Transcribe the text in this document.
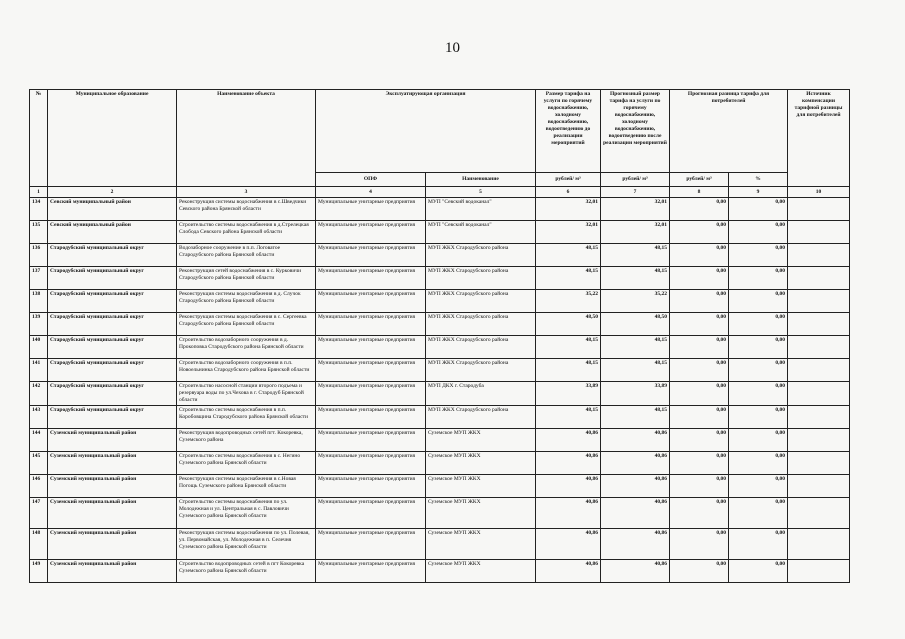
10
№	Муниципальное образование	Наименование объекта	Эксплуатирующая организация		Размер тарифа на услуги по горячему водоснабжению, холодному водоснабжению, водоотведению до реализации мероприятий	Прогнозный размер тарифа на услуги по горячему водоснабжению, холодному водоснабжению, водоотведению после реализации мероприятий	Прогнозная разница тарифа для потребителей		Источник компенсации тарифной разницы для потребителей
			ОПФ	Наименование	рублей/ м³	рублей/ м³	рублей/ м³	%	
1	2	3	4	5	6	7	8	9	10
134	Севский муниципальный район	Реконструкция системы водоснабжения в с.Шведчики Севского района Брянской области	Муниципальные унитарные предприятия	МУП "Севский водоканал"	32,01	32,01	0,00	0,00	
135	Севский муниципальный район	Строительство системы водоснабжения в д.Стрелецкая Слобода Севского района Брянской области	Муниципальные унитарные предприятия	МУП "Севский водоканал"	32,01	32,01	0,00	0,00	
136	Стародубский муниципальный округ	Водозаборное сооружение в п.п. Логоватое Стародубского района Брянской области	Муниципальные унитарные предприятия	МУП ЖКХ Стародубского района	48,15	48,15	0,00	0,00	
137	Стародубский муниципальный округ	Реконструкция сетей водоснабжения в с. Курковичи Стародубского района Брянской области	Муниципальные унитарные предприятия	МУП ЖКХ Стародубского района	48,15	48,15	0,00	0,00	
138	Стародубский муниципальный округ	Реконструкция системы водоснабжения в д. Случок Стародубского района Брянской области	Муниципальные унитарные предприятия	МУП ЖКХ Стародубского района	35,22	35,22	0,00	0,00	
139	Стародубский муниципальный округ	Реконструкция системы водоснабжения в с. Сергеевка Стародубского района Брянской области	Муниципальные унитарные предприятия	МУП ЖКХ Стародубского района	48,50	48,50	0,00	0,00	
140	Стародубский муниципальный округ	Строительство водозаборного сооружения в д. Прокоповка Стародубского района Брянской области	Муниципальные унитарные предприятия	МУП ЖКХ Стародубского района	48,15	48,15	0,00	0,00	
141	Стародубский муниципальный округ	Строительство водозаборного сооружения в п.п. Новоельнинка Стародубского района Брянской области	Муниципальные унитарные предприятия	МУП ЖКХ Стародубского района	48,15	48,15	0,00	0,00	
142	Стародубский муниципальный округ	Строительство насосной станции второго подъема и резервуара воды по ул.Чехова в г. Стародуб Брянской области	Муниципальные унитарные предприятия	МУП ДКХ г. Стародуба	33,89	33,89	0,00	0,00	
143	Стародубский муниципальный округ	Строительство системы водоснабжения в п.п. Коробовщина Стародубского района Брянской области	Муниципальные унитарные предприятия	МУП ЖКХ Стародубского района	48,15	48,15	0,00	0,00	
144	Суземский муниципальный район	Реконструкция водопроводных сетей пгт. Кокоревка, Суземского района	Муниципальные унитарные предприятия	Суземское МУП ЖКХ	40,86	40,86	0,00	0,00	
145	Суземский муниципальный район	Строительство системы водоснабжения в с. Негино Суземского района Брянской области	Муниципальные унитарные предприятия	Суземское МУП ЖКХ	40,86	40,86	0,00	0,00	
146	Суземский муниципальный район	Реконструкция системы водоснабжения в с.Новая Погощь Суземского района Брянской области	Муниципальные унитарные предприятия	Суземское МУП ЖКХ	40,86	40,86	0,00	0,00	
147	Суземский муниципальный район	Строительство системы водоснабжения по ул. Молодежная и ул. Центральная в с. Павловичи Суземского района Брянской области	Муниципальные унитарные предприятия	Суземское МУП ЖКХ	40,86	40,86	0,00	0,00	
148	Суземский муниципальный район	Реконструкция системы водоснабжения по ул. Полевая, ул. Первомайская, ул. Молодежная в п. Селечня Суземского района Брянской области	Муниципальные унитарные предприятия	Суземское МУП ЖКХ	40,86	40,86	0,00	0,00	
149	Суземский муниципальный район	Строительство водопроводных сетей в пгт Кокоревка Суземского района Брянской области	Муниципальные унитарные предприятия	Суземское МУП ЖКХ	40,86	40,86	0,00	0,00	
